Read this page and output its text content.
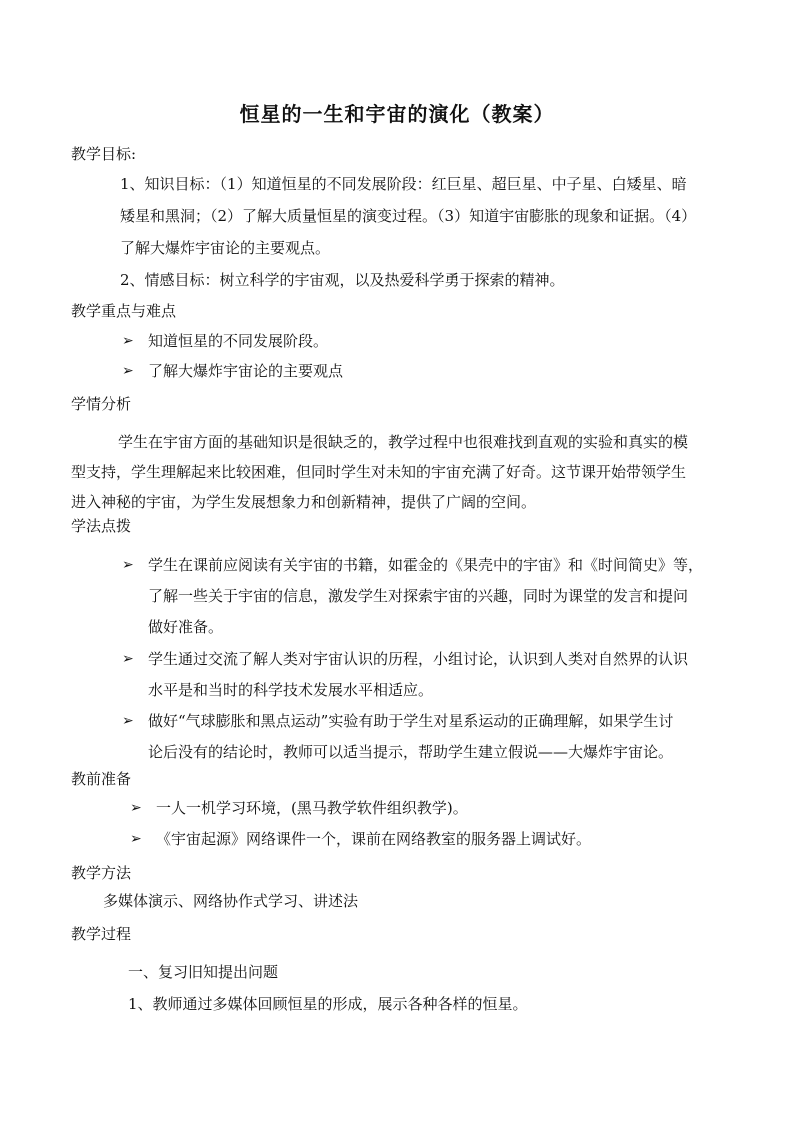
恒星的一生和宇宙的演化（教案）
教学目标:
1、知识目标：（1）知道恒星的不同发展阶段：红巨星、超巨星、中子星、白矮星、暗
矮星和黑洞；（2）了解大质量恒星的演变过程。（3）知道宇宙膨胀的现象和证据。（4）
了解大爆炸宇宙论的主要观点。
2、情感目标：树立科学的宇宙观，以及热爱科学勇于探索的精神。
教学重点与难点
➢ 知道恒星的不同发展阶段。
➢ 了解大爆炸宇宙论的主要观点
学情分析
学生在宇宙方面的基础知识是很缺乏的，教学过程中也很难找到直观的实验和真实的模
型支持，学生理解起来比较困难，但同时学生对未知的宇宙充满了好奇。这节课开始带领学生
进入神秘的宇宙，为学生发展想象力和创新精神，提供了广阔的空间。
学法点拨
➢ 学生在课前应阅读有关宇宙的书籍，如霍金的《果壳中的宇宙》和《时间简史》等，
了解一些关于宇宙的信息，激发学生对探索宇宙的兴趣，同时为课堂的发言和提问
做好准备。
➢ 学生通过交流了解人类对宇宙认识的历程，小组讨论，认识到人类对自然界的认识
水平是和当时的科学技术发展水平相适应。
➢ 做好“气球膨胀和黑点运动”实验有助于学生对星系运动的正确理解，如果学生讨
论后没有的结论时，教师可以适当提示，帮助学生建立假说——大爆炸宇宙论。
教前准备
➢ 一人一机学习环境，(黑马教学软件组织教学)。
➢ 《宇宙起源》网络课件一个，课前在网络教室的服务器上调试好。
教学方法
多媒体演示、网络协作式学习、讲述法
教学过程
一、复习旧知提出问题
1、教师通过多媒体回顾恒星的形成，展示各种各样的恒星。
